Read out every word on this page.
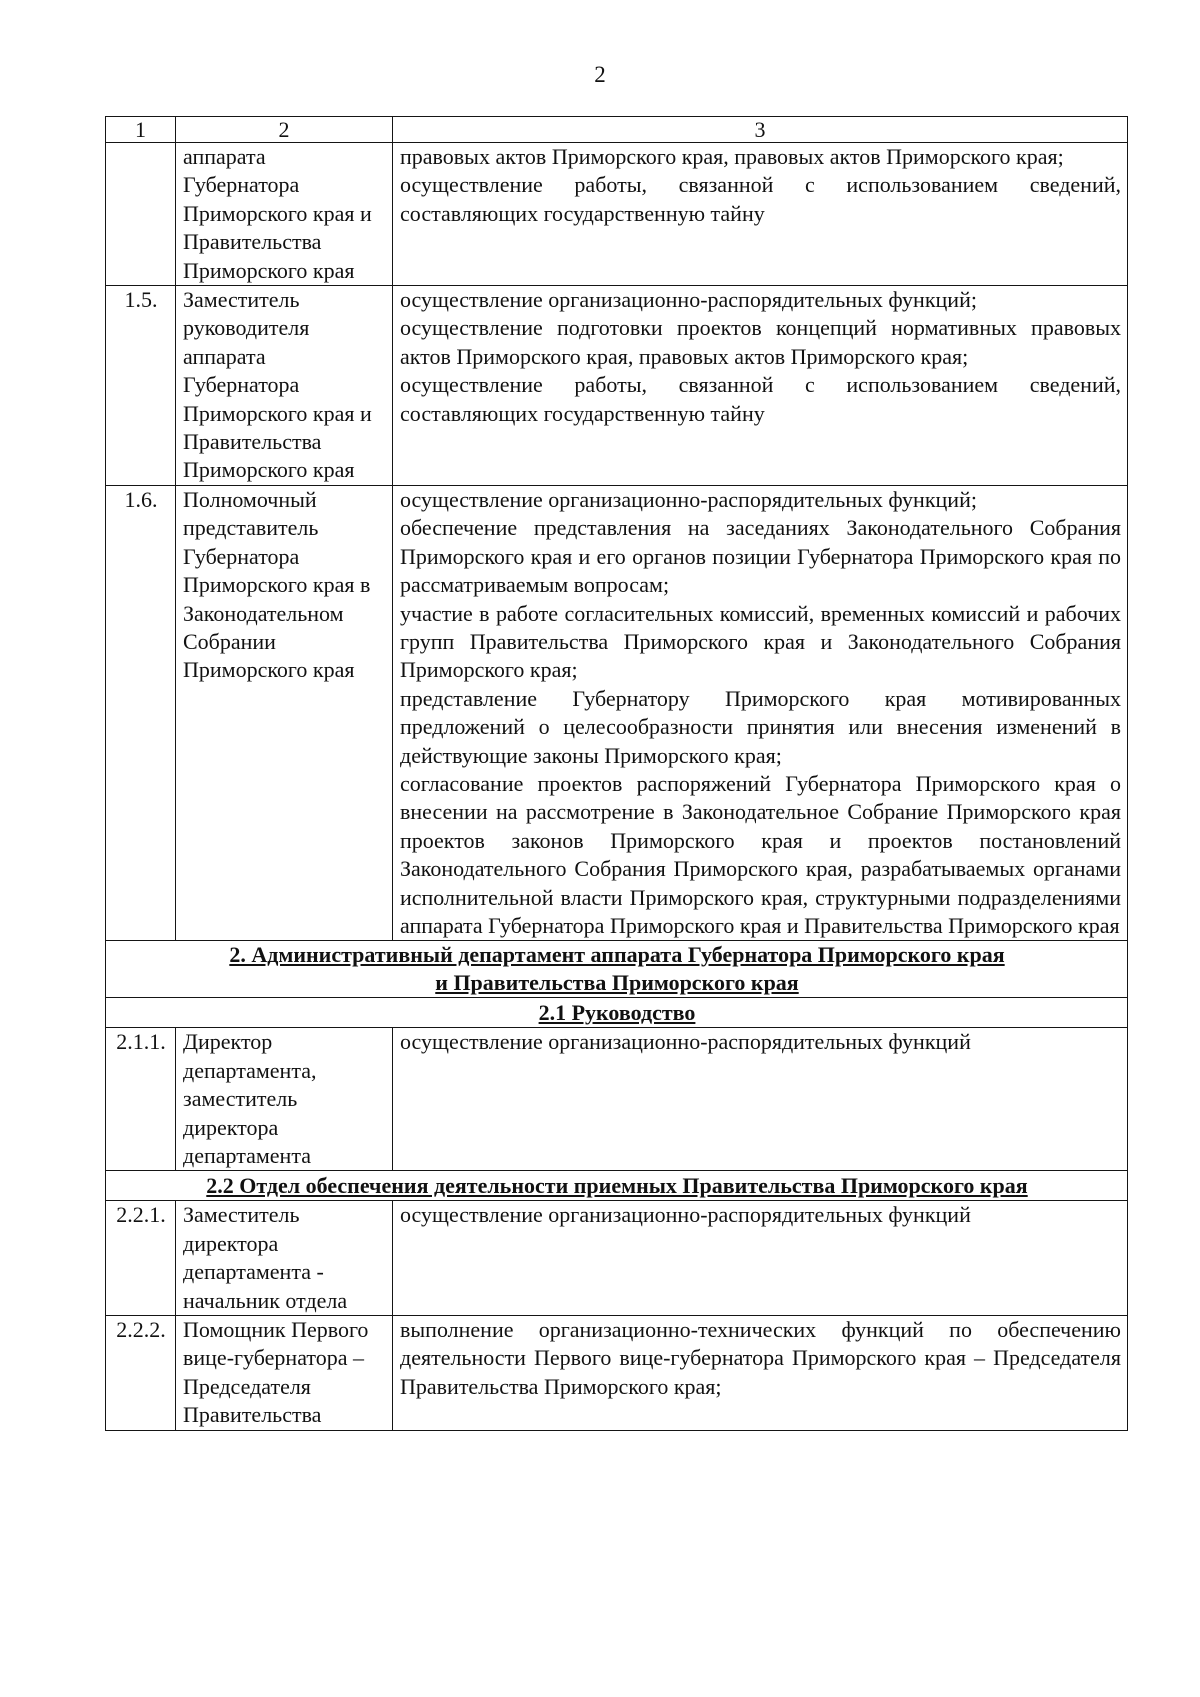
2
1	2	3
	аппарата Губернатора Приморского края и Правительства Приморского края	правовых актов Приморского края, правовых актов Приморского края;
осуществление работы, связанной с использованием сведений, составляющих государственную тайну

1.5.	Заместитель руководителя аппарата Губернатора Приморского края и Правительства Приморского края	осуществление организационно-распорядительных функций;
осуществление подготовки проектов концепций нормативных правовых актов Приморского края, правовых актов Приморского края;
осуществление работы, связанной с использованием сведений, составляющих государственную тайну

1.6.	Полномочный представитель Губернатора Приморского края в Законодательном Собрании Приморского края	осуществление организационно-распорядительных функций;
обеспечение представления на заседаниях Законодательного Собрания Приморского края и его органов позиции Губернатора Приморского края по рассматриваемым вопросам;
участие в работе согласительных комиссий, временных комиссий и рабочих групп Правительства Приморского края и Законодательного Собрания Приморского края;
представление Губернатору Приморского края мотивированных предложений о целесообразности принятия или внесения изменений в действующие законы Приморского края;
согласование проектов распоряжений Губернатора Приморского края о внесении на рассмотрение в Законодательное Собрание Приморского края проектов законов Приморского края и проектов постановлений Законодательного Собрания Приморского края, разрабатываемых органами исполнительной власти Приморского края, структурными подразделениями аппарата Губернатора Приморского края и Правительства Приморского края

2. Административный департамент аппарата Губернатора Приморского края
и Правительства Приморского края		

2.1 Руководство		
2.1.1.	Директор департамента, заместитель директора департамента	осуществление организационно-распорядительных функций

2.2 Отдел обеспечения деятельности приемных Правительства Приморского края		
2.2.1.	Заместитель директора департамента - начальник отдела	осуществление организационно-распорядительных функций

2.2.2.	Помощник Первого вице-губернатора – Председателя Правительства	выполнение организационно-технических функций по обеспечению деятельности Первого вице-губернатора Приморского края – Председателя Правительства Приморского края;
